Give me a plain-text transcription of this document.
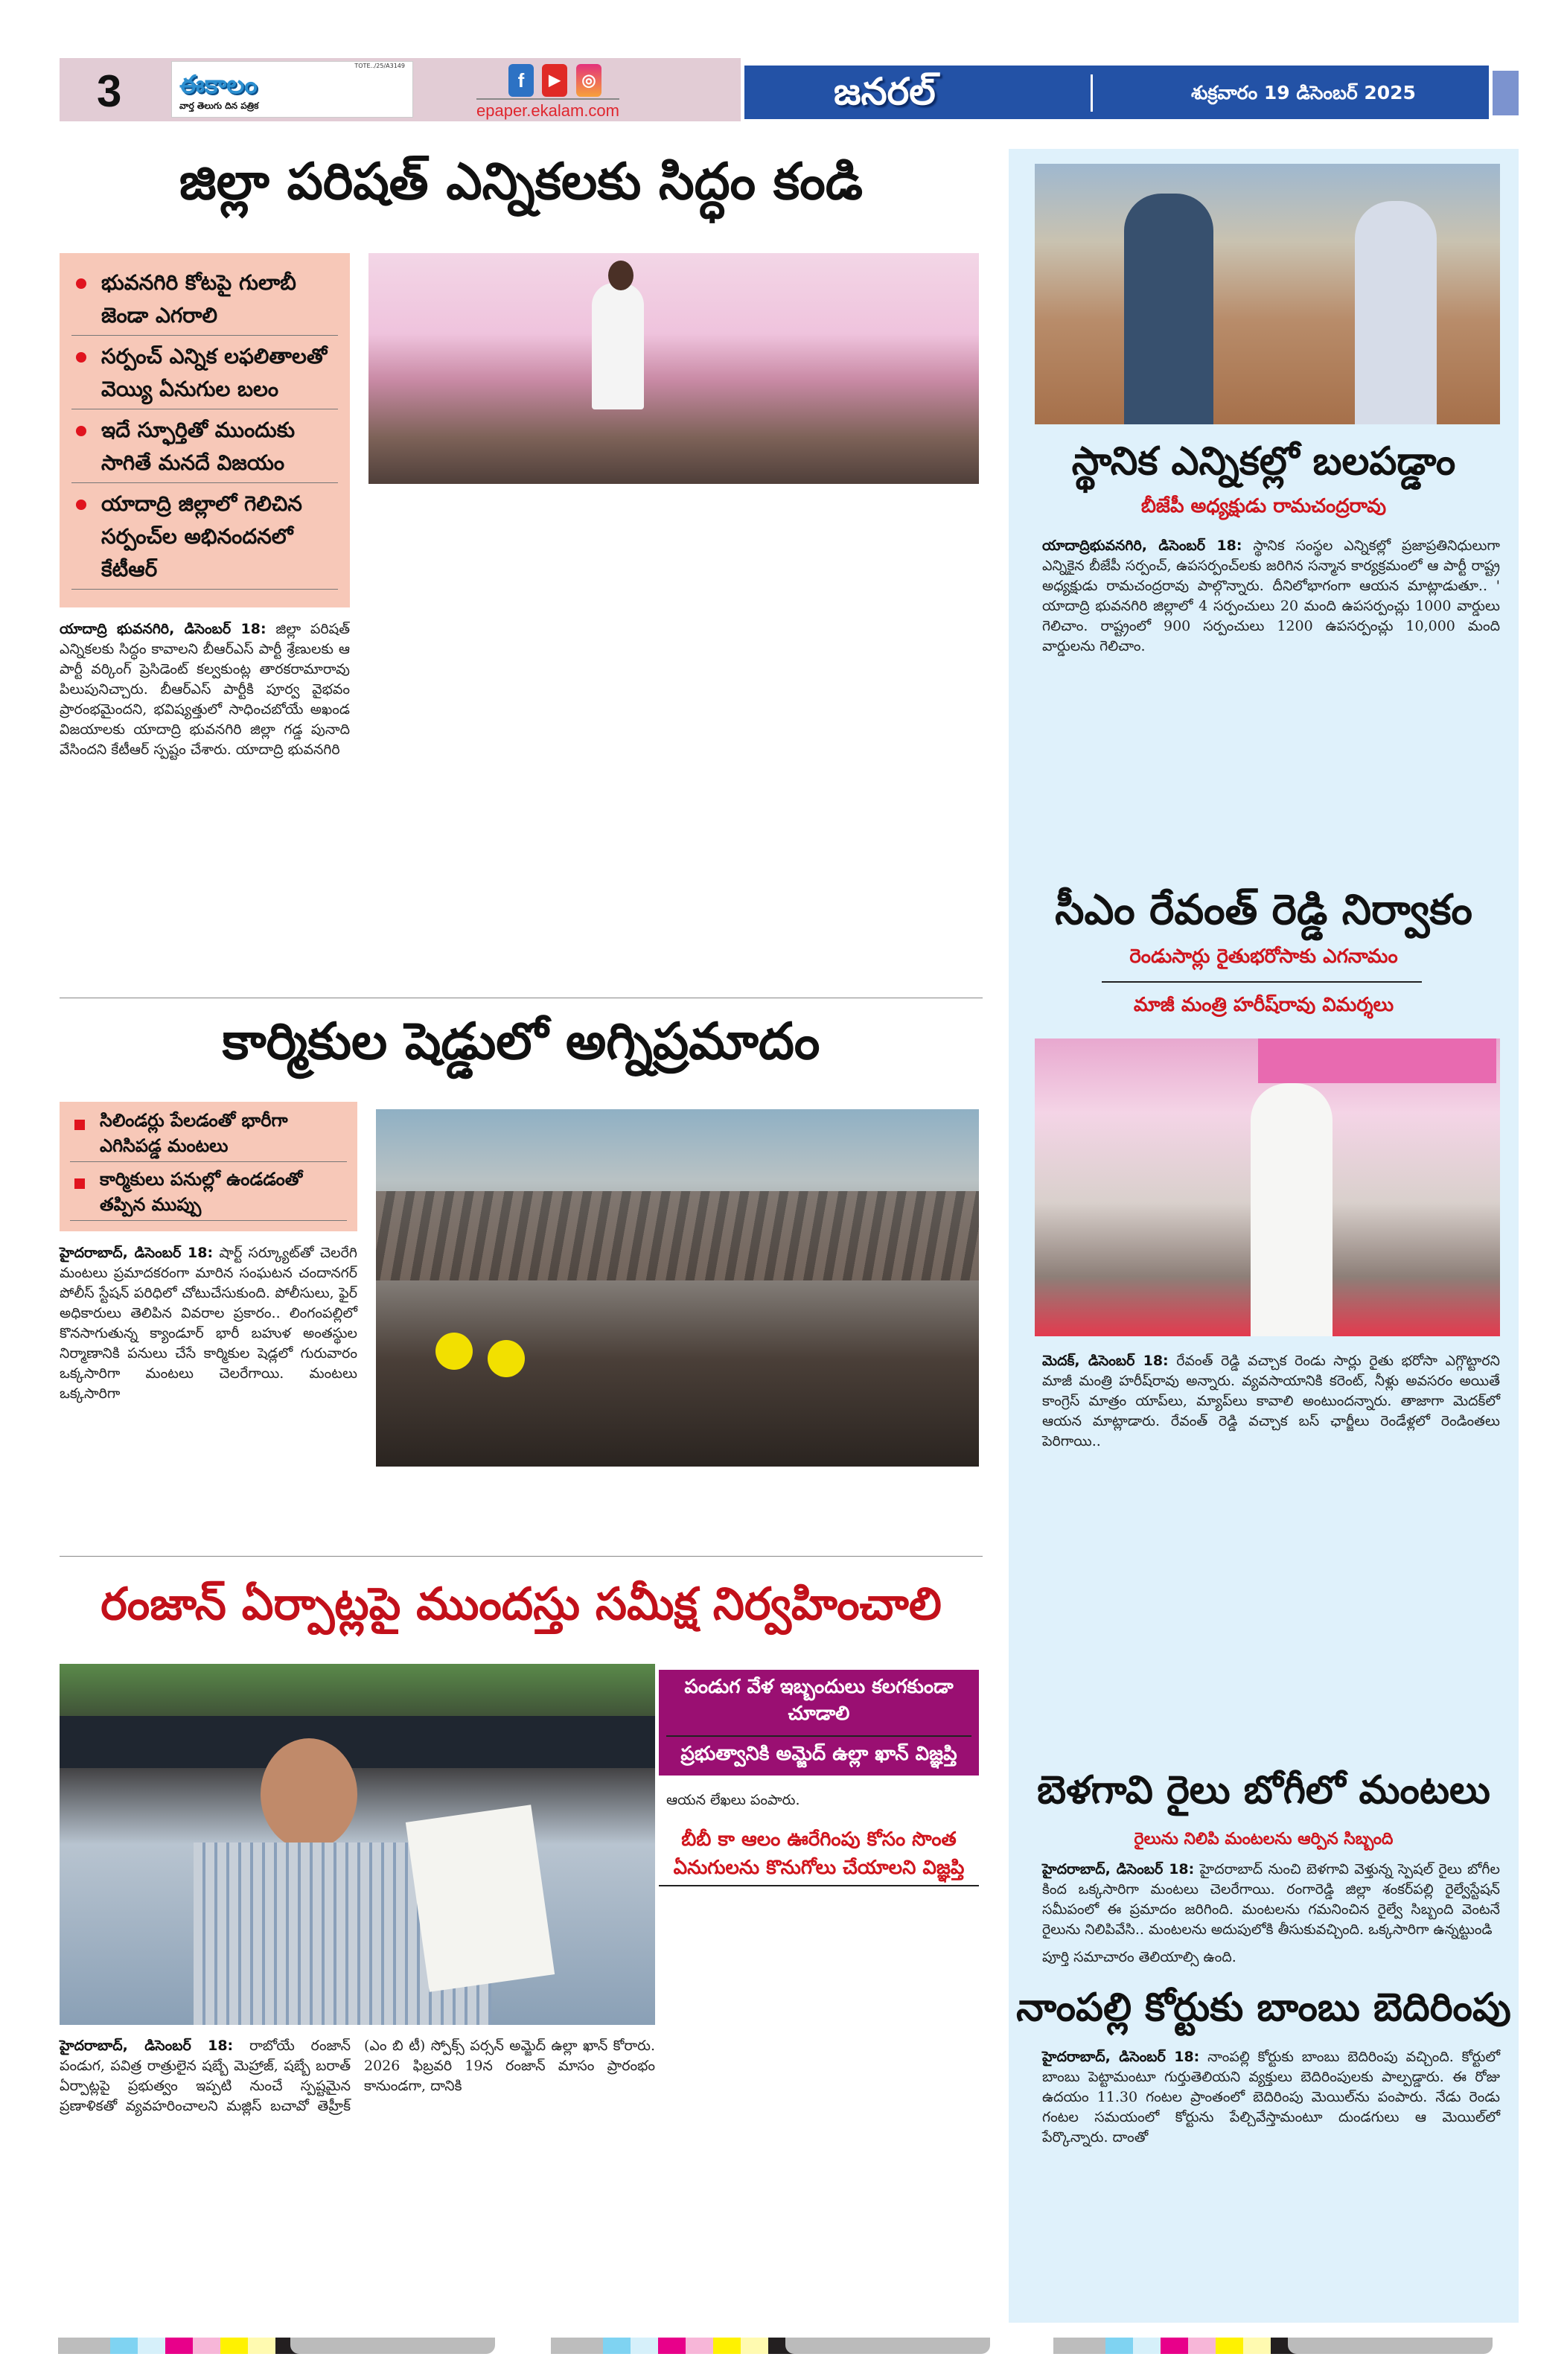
3
TOTE../25/A3149
ఈకాలం
వార్త తెలుగు దిన పత్రిక
f	▶	◎
epaper.ekalam.com	జనరల్	శుక్రవారం 19 డిసెంబర్ 2025
జిల్లా పరిషత్ ఎన్నికలకు సిద్ధం కండి
భువనగిరి కోటపై గులాబీ జెండా ఎగరాలి
సర్పంచ్ ఎన్నిక లఫలితాలతో వెయ్యి ఏనుగుల బలం
ఇదే స్ఫూర్తితో ముందుకు సాగితే మనదే విజయం
యాదాద్రి జిల్లాలో గెలిచిన సర్పంచ్‌ల అభినందనలో కేటీఆర్

యాదాద్రి భువనగిరి, డిసెంబర్ 18: జిల్లా పరిషత్ ఎన్నికలకు సిద్ధం కావాలని బీఆర్ఎస్ పార్టీ శ్రేణులకు ఆ పార్టీ వర్కింగ్ ప్రెసిడెంట్ కల్వకుంట్ల తారకరామారావు పిలుపునిచ్చారు. బీఆర్ఎస్ పార్టీకి పూర్వ వైభవం ప్రారంభమైందని, భవిష్యత్తులో సాధించబోయే అఖండ విజయాలకు యాదాద్రి భువనగిరి జిల్లా గడ్డ పునాది వేసిందని కేటీఆర్ స్పష్టం చేశారు. యాదాద్రి భువనగిరి

కార్మికుల షెడ్డులో అగ్నిప్రమాదం
సిలిండర్లు పేలడంతో భారీగా ఎగిసిపడ్డ మంటలు
కార్మికులు పనుల్లో ఉండడంతో తప్పిన ముప్పు

హైదరాబాద్, డిసెంబర్ 18: షార్ట్ సర్క్యూట్‌తో చెలరేగి మంటలు ప్రమాదకరంగా మారిన సంఘటన చందానగర్ పోలీస్ స్టేషన్ పరిధిలో చోటుచేసుకుంది. పోలీసులు, ఫైర్ అధికారులు తెలిపిన వివరాల ప్రకారం.. లింగంపల్లిలో కొనసాగుతున్న క్యాండూర్ భారీ బహుళ అంతస్థుల నిర్మాణానికి పనులు చేసే కార్మికుల షెడ్లలో గురువారం ఒక్కసారిగా మంటలు చెలరేగాయి. మంటలు ఒక్కసారిగా

రంజాన్ ఏర్పాట్లపై ముందస్తు సమీక్ష నిర్వహించాలి
పండుగ వేళ ఇబ్బందులు కలగకుండా చూడాలి
ప్రభుత్వానికి అమ్జెద్ ఉల్లా ఖాన్ విజ్ఞప్తి

ఆయన లేఖలు పంపారు.

బీబీ కా ఆలం ఊరేగింపు కోసం సొంత ఏనుగులను కొనుగోలు చేయాలని విజ్ఞప్తి

హైదరాబాద్, డిసెంబర్ 18: రాబోయే రంజాన్ పండుగ, పవిత్ర రాత్రులైన షబ్బే మెహ్రాజ్, షబ్బే బరాత్ ఏర్పాట్లపై ప్రభుత్వం ఇప్పటి నుంచే స్పష్టమైన ప్రణాళికతో వ్యవహరించాలని మజ్లిస్ బచావో తెహ్రీక్ (ఎం బి టీ) స్పోక్స్ పర్సన్ అమ్జెద్ ఉల్లా ఖాన్ కోరారు. 2026 ఫిబ్రవరి 19న రంజాన్ మాసం ప్రారంభం కానుండగా, దానికి

స్థానిక ఎన్నికల్లో బలపడ్డాం
బీజేపీ అధ్యక్షుడు రామచంద్రరావు

యాదాద్రిభువనగిరి, డిసెంబర్ 18: స్థానిక సంస్థల ఎన్నికల్లో ప్రజాప్రతినిధులుగా ఎన్నికైన బీజేపీ సర్పంచ్, ఉపసర్పంచ్‌లకు జరిగిన సన్మాన కార్యక్రమంలో ఆ పార్టీ రాష్ట్ర అధ్యక్షుడు రామచంద్రరావు పాల్గొన్నారు. దీనిలోభాగంగా ఆయన మాట్లాడుతూ.. ' యాదాద్రి భువనగిరి జిల్లాలో 4 సర్పంచులు 20 మంది ఉపసర్పంచ్లు 1000 వార్డులు గెలిచాం. రాష్ట్రంలో 900 సర్పంచులు 1200 ఉపసర్పంచ్లు 10,000 మంది వార్డులను గెలిచాం.

సీఎం రేవంత్ రెడ్డి నిర్వాకం
రెండుసార్లు రైతుభరోసాకు ఎగనామం
మాజీ మంత్రి హరీష్‌రావు విమర్శలు

మెదక్, డిసెంబర్ 18: రేవంత్ రెడ్డి వచ్చాక రెండు సార్లు రైతు భరోసా ఎగ్గొట్టారని మాజీ మంత్రి హరీష్‌రావు అన్నారు. వ్యవసాయానికి కరెంట్, నీళ్లు అవసరం అయితే కాంగ్రెస్ మాత్రం యాప్‌లు, మ్యాప్‌లు కావాలి అంటుందన్నారు. తాజాగా మెదక్‌లో ఆయన మాట్లాడారు. రేవంత్ రెడ్డి వచ్చాక బస్ ఛార్జీలు రెండేళ్లలో రెండింతలు పెరిగాయి..

బెళగావి రైలు బోగీలో మంటలు
రైలును నిలిపి మంటలను ఆర్పిన సిబ్బంది

హైదరాబాద్, డిసెంబర్ 18: హైదరాబాద్ నుంచి బెళగావి వెళ్తున్న స్పెషల్ రైలు బోగీల కింద ఒక్కసారిగా మంటలు చెలరేగాయి. రంగారెడ్డి జిల్లా శంకర్‌పల్లి రైల్వేస్టేషన్ సమీపంలో ఈ ప్రమాదం జరిగింది. మంటలను గమనించిన రైల్వే సిబ్బంది వెంటనే రైలును నిలిపివేసి.. మంటలను అదుపులోకి తీసుకువచ్చింది. ఒక్కసారిగా ఉన్నట్టుండి

పూర్తి సమాచారం తెలియాల్సి ఉంది.

నాంపల్లి కోర్టుకు బాంబు బెదిరింపు

హైదరాబాద్, డిసెంబర్ 18: నాంపల్లి కోర్టుకు బాంబు బెదిరింపు వచ్చింది. కోర్టులో బాంబు పెట్టామంటూ గుర్తుతెలియని వ్యక్తులు బెదిరింపులకు పాల్పడ్డారు. ఈ రోజు ఉదయం 11.30 గంటల ప్రాంతంలో బెదిరింపు మెయిల్‌ను పంపారు. నేడు రెండు గంటల సమయంలో కోర్టును పేల్చివేస్తామంటూ దుండగులు ఆ మెయిల్‌లో పేర్కొన్నారు. దాంతో
